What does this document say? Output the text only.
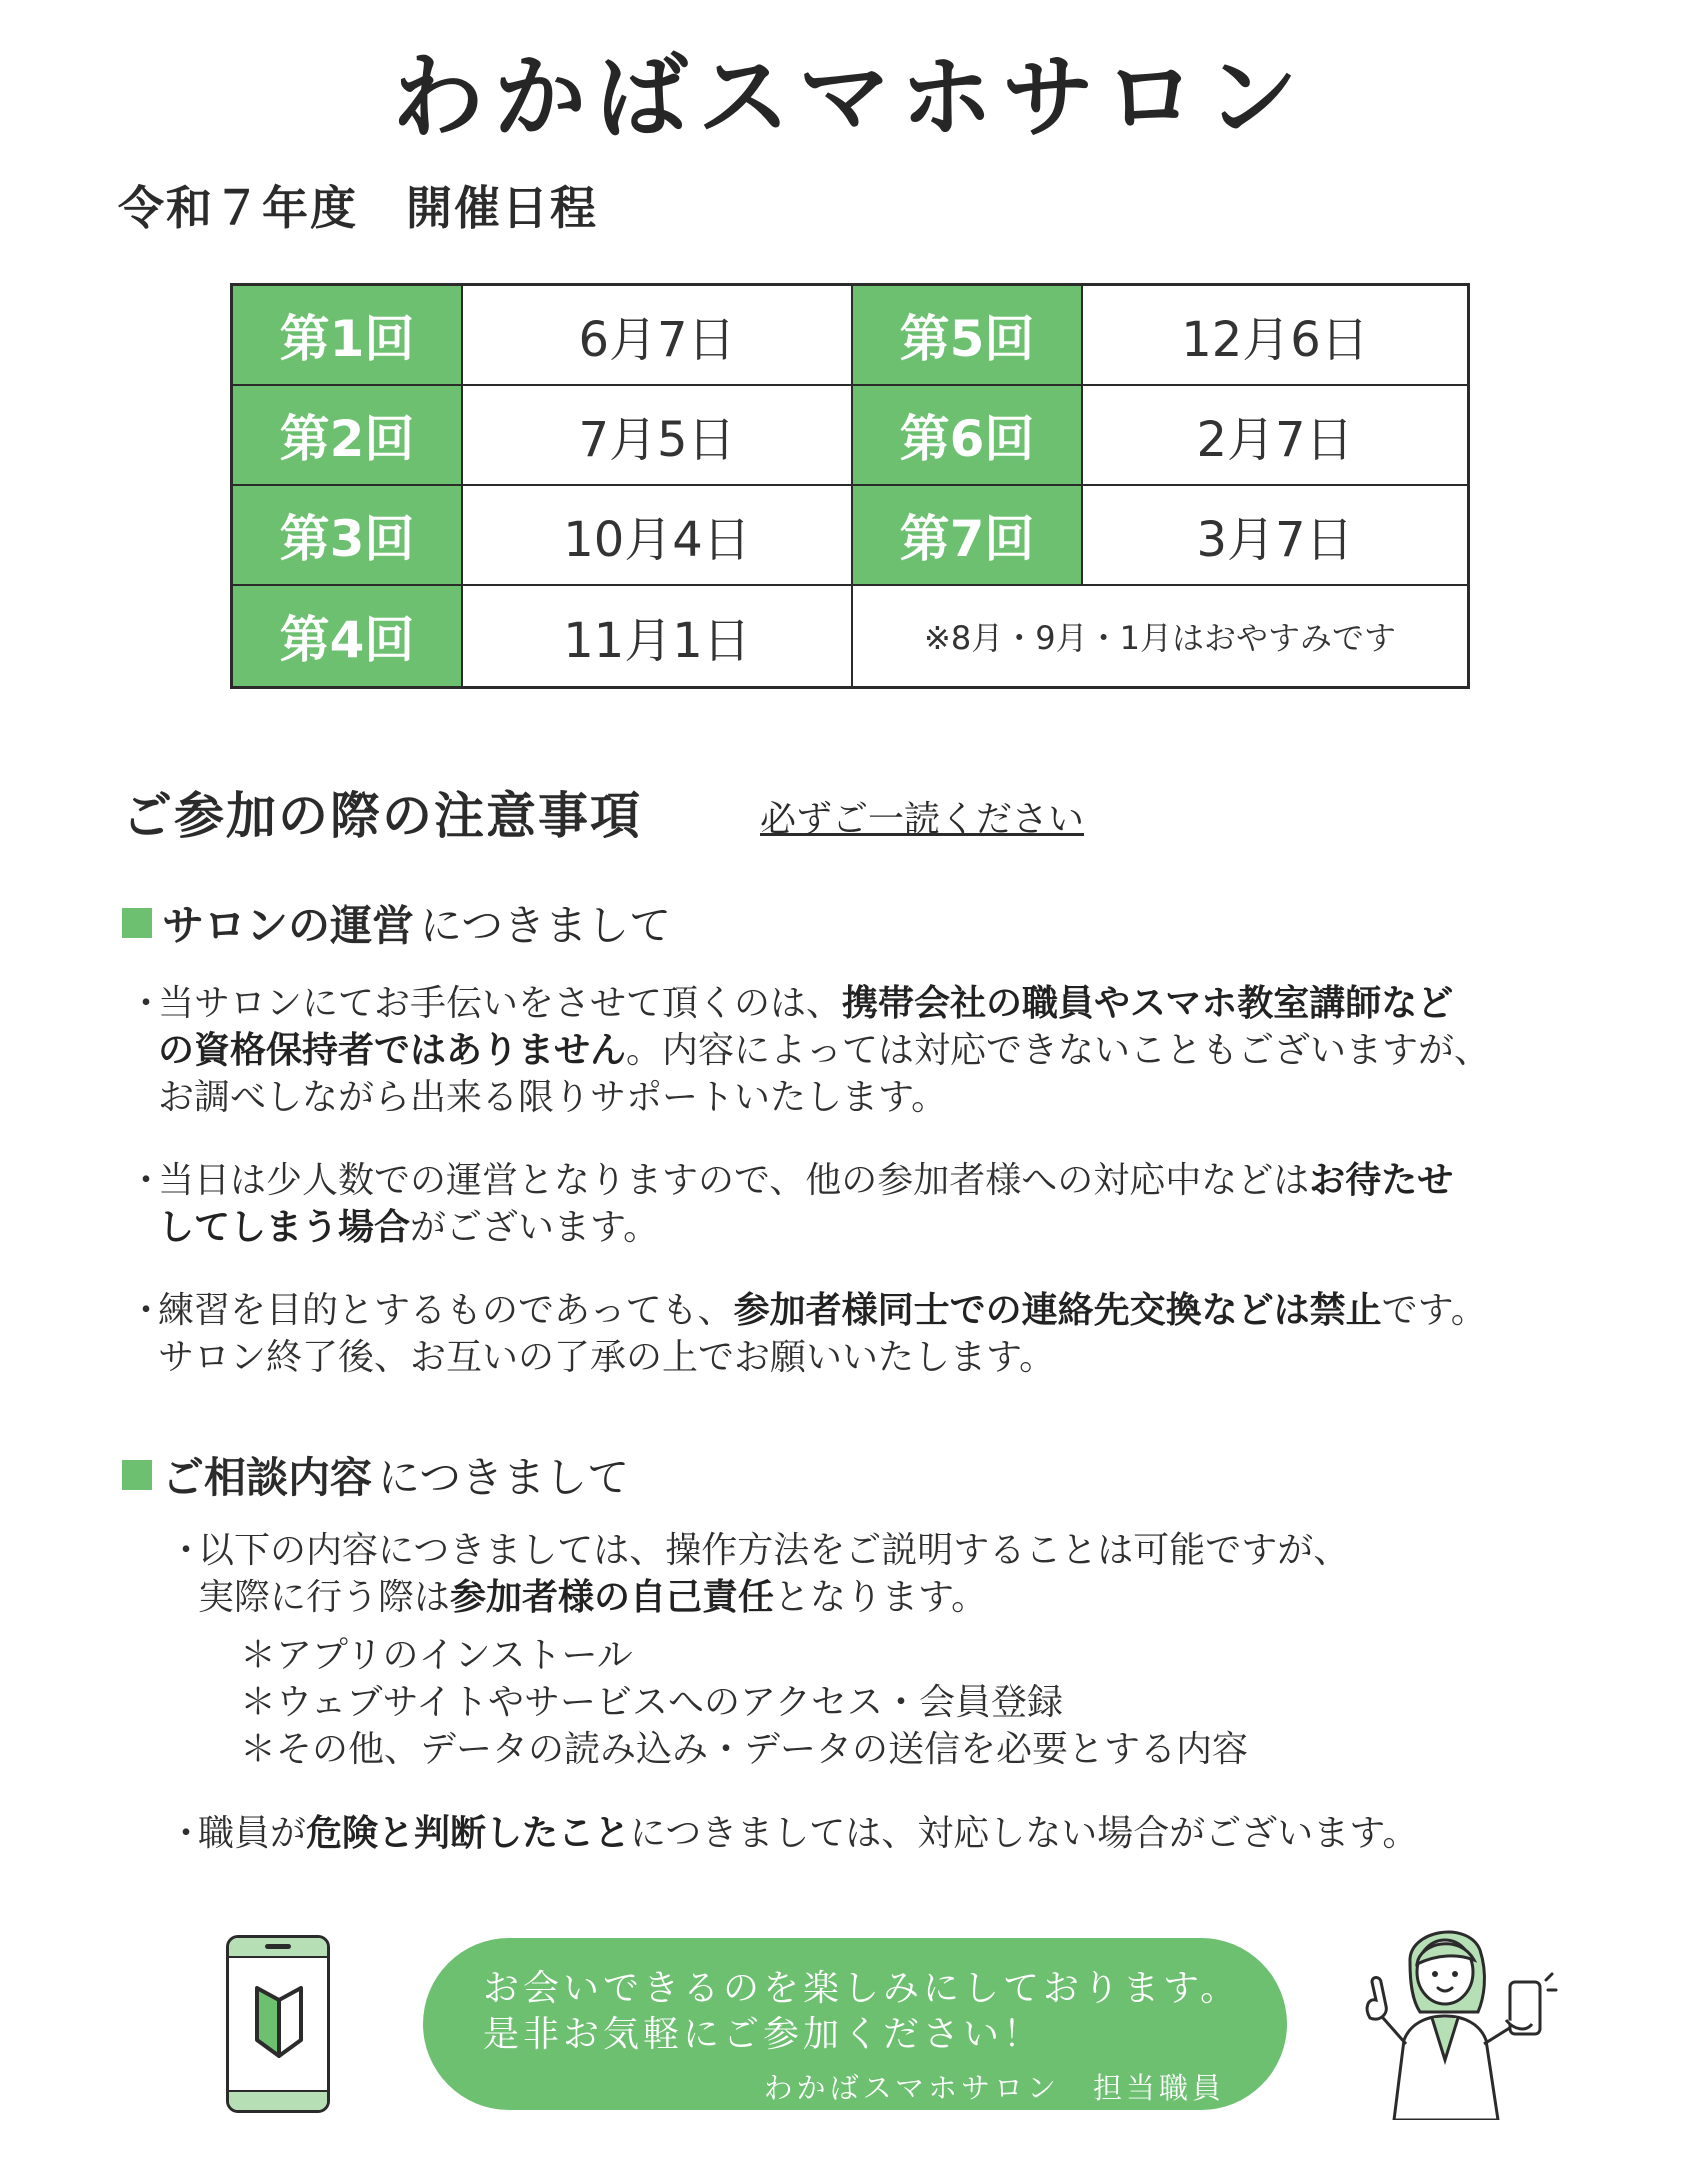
わかばスマホサロン
令和７年度　開催日程
第1回	6月7日	第5回	12月6日
第2回	7月5日	第6回	2月7日
第3回	10月4日	第7回	3月7日
第4回	11月1日	※8月・9月・1月はおやすみです
ご参加の際の注意事項	必ずご一読ください
サロンの運営 につきまして
・
当サロンにてお手伝いをさせて頂くのは、携帯会社の職員やスマホ教室講師など
の資格保持者ではありません。内容によっては対応できないこともございますが、
お調べしながら出来る限りサポートいたします。
・
当日は少人数での運営となりますので、他の参加者様への対応中などはお待たせ
してしまう場合がございます。
・
練習を目的とするものであっても、参加者様同士での連絡先交換などは禁止です。
サロン終了後、お互いの了承の上でお願いいたします。
ご相談内容 につきまして
・
以下の内容につきましては、操作方法をご説明することは可能ですが、
実際に行う際は参加者様の自己責任となります。
＊アプリのインストール
＊ウェブサイトやサービスへのアクセス・会員登録
＊その他、データの読み込み・データの送信を必要とする内容
・
職員が危険と判断したことにつきましては、対応しない場合がございます。
お会いできるのを楽しみにしております。
是非お気軽にご参加ください！
わかばスマホサロン　担当職員
